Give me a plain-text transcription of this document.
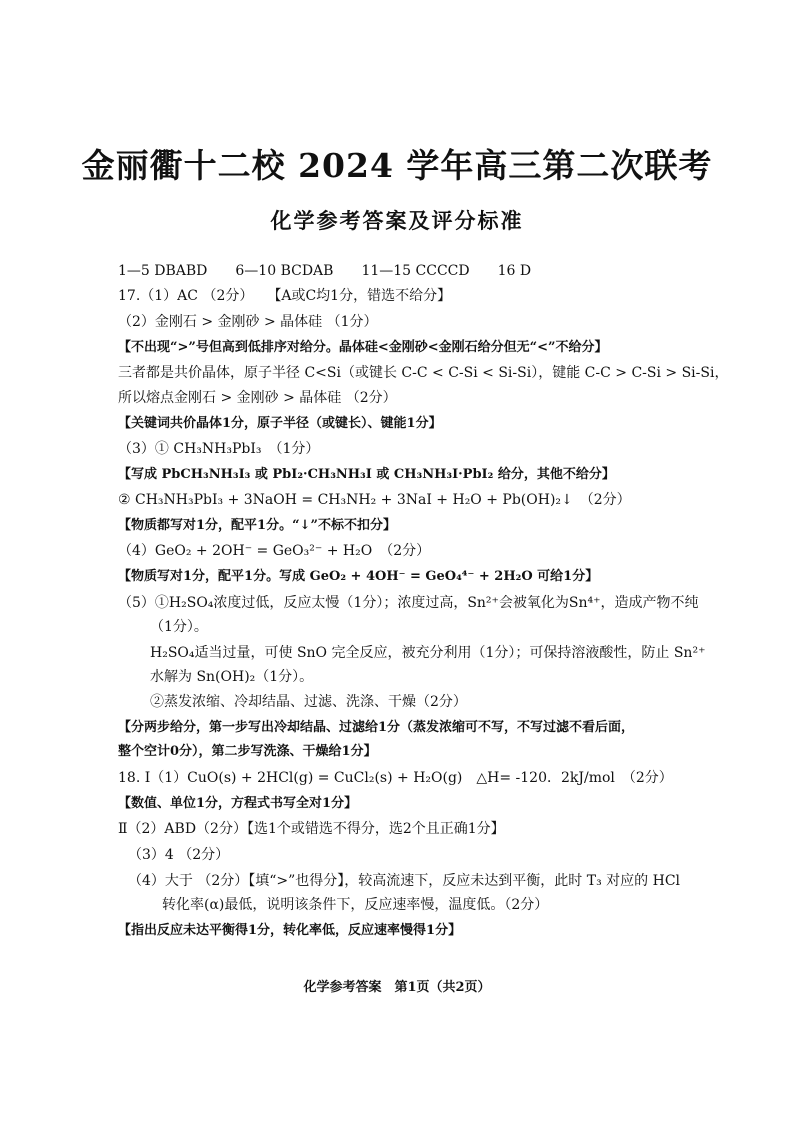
金丽衢十二校 2024 学年高三第二次联考
化学参考答案及评分标准
1—5 DBABD　　6—10 BCDAB　　11—15 CCCCD　　16 D
17.（1）AC （2分）　　【A或C均1分，错选不给分】
（2）金刚石 > 金刚砂 > 晶体硅 （1分）
【不出现“>”号但高到低排序对给分。晶体硅<金刚砂<金刚石给分但无“<”不给分】
三者都是共价晶体，原子半径 C<Si（或键长 C-C < C-Si < Si-Si），键能 C-C > C-Si > Si-Si，
所以熔点金刚石 > 金刚砂 > 晶体硅 （2分）
【关键词共价晶体1分，原子半径（或键长）、键能1分】
（3）① CH₃NH₃PbI₃　（1分）
【写成 PbCH₃NH₃I₃ 或 PbI₂·CH₃NH₃I 或 CH₃NH₃I·PbI₂ 给分，其他不给分】
② CH₃NH₃PbI₃ + 3NaOH = CH₃NH₂ + 3NaI + H₂O + Pb(OH)₂↓　（2分）
【物质都写对1分，配平1分。“↓”不标不扣分】
（4）GeO₂ + 2OH⁻ = GeO₃²⁻ + H₂O　（2分）
【物质写对1分，配平1分。写成 GeO₂ + 4OH⁻ = GeO₄⁴⁻ + 2H₂O 可给1分】
（5）①H₂SO₄浓度过低，反应太慢（1分）；浓度过高，Sn²⁺会被氧化为Sn⁴⁺，造成产物不纯
（1分）。
H₂SO₄适当过量，可使 SnO 完全反应，被充分利用（1分）；可保持溶液酸性，防止 Sn²⁺
水解为 Sn(OH)₂（1分）。
②蒸发浓缩、冷却结晶、过滤、洗涤、干燥（2分）
【分两步给分，第一步写出冷却结晶、过滤给1分（蒸发浓缩可不写，不写过滤不看后面，
整个空计0分），第二步写洗涤、干燥给1分】
18. Ⅰ（1）CuO(s) + 2HCl(g) = CuCl₂(s) + H₂O(g)　△H= -120．2kJ/mol　（2分）
【数值、单位1分，方程式书写全对1分】
Ⅱ（2）ABD（2分）【选1个或错选不得分，选2个且正确1分】
（3）4 （2分）
（4）大于 （2分）【填“>”也得分】，较高流速下，反应未达到平衡，此时 T₃ 对应的 HCl
转化率(α)最低，说明该条件下，反应速率慢，温度低。（2分）
【指出反应未达平衡得1分，转化率低，反应速率慢得1分】
化学参考答案　第1页（共2页）
